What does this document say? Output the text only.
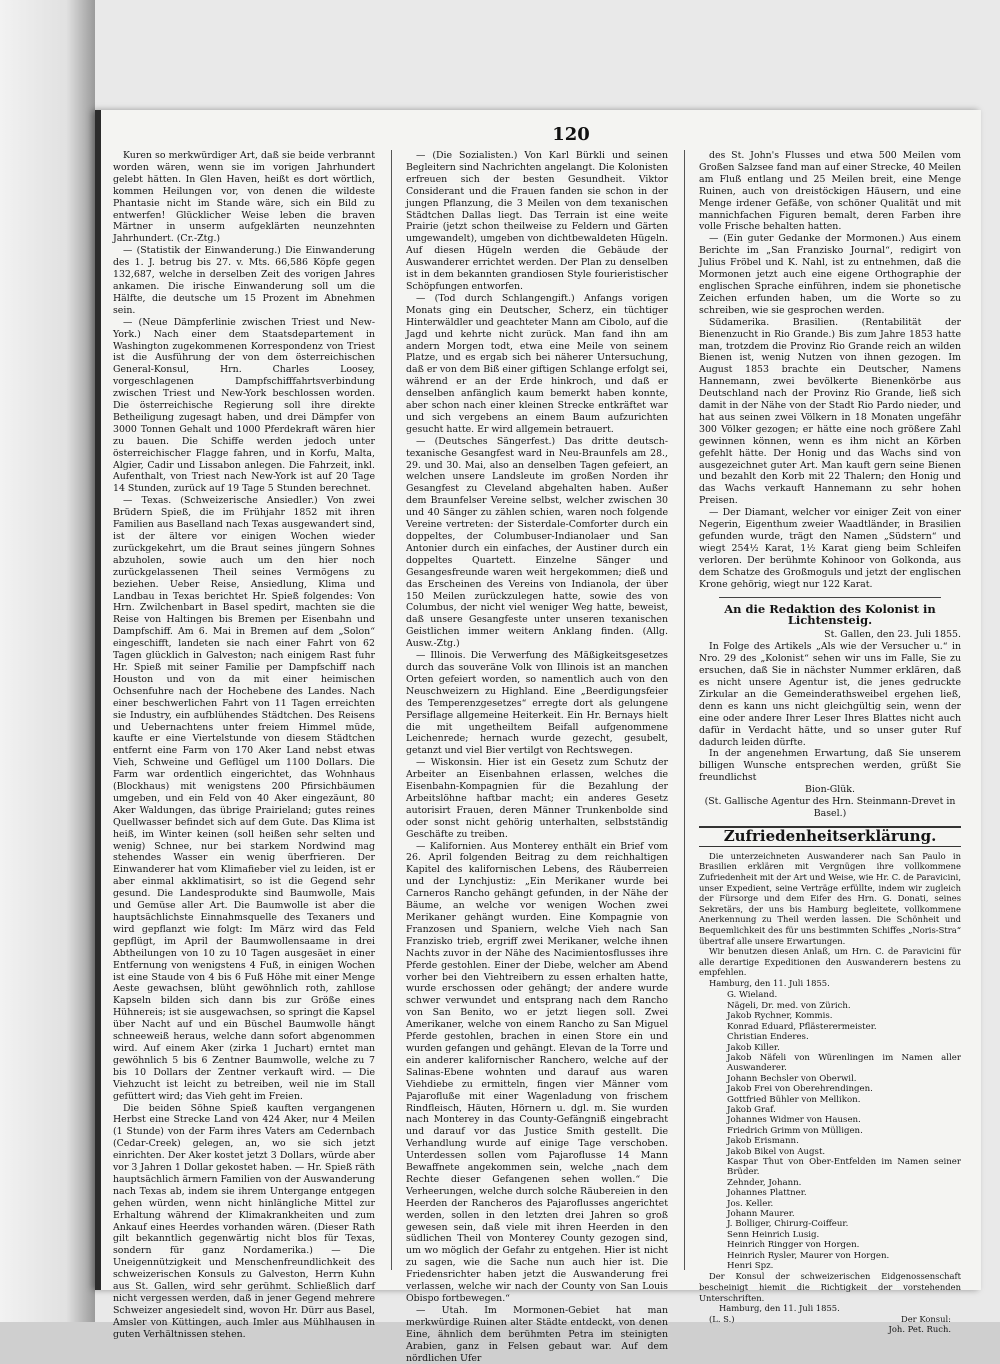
120

Kuren so merkwürdiger Art, daß sie beide verbrannt worden wären, wenn sie im vorigen Jahrhundert gelebt hätten. In Glen Haven, heißt es dort wörtlich, kommen Heilungen vor, von denen die wildeste Phantasie nicht im Stande wäre, sich ein Bild zu entwerfen! Glücklicher Weise leben die braven Märtner in unserm aufgeklärten neunzehnten Jahrhundert. (Cr.-Ztg.)

— (Statistik der Einwanderung.) Die Einwanderung des 1. J. betrug bis 27. v. Mts. 66,586 Köpfe gegen 132,687, welche in derselben Zeit des vorigen Jahres ankamen. Die irische Einwanderung soll um die Hälfte, die deutsche um 15 Prozent im Abnehmen sein.

— (Neue Dämpferlinie zwischen Triest und New-York.) Nach einer dem Staatsdepartement in Washington zugekommenen Korrespondenz von Triest ist die Ausführung der von dem österreichischen General-Konsul, Hrn. Charles Loosey, vorgeschlagenen Dampfschifffahrtsverbindung zwischen Triest und New-York beschlossen worden. Die österreichische Regierung soll ihre direkte Betheiligung zugesagt haben, und drei Dämpfer von 3000 Tonnen Gehalt und 1000 Pferdekraft wären hier zu bauen. Die Schiffe werden jedoch unter österreichischer Flagge fahren, und in Korfu, Malta, Algier, Cadir und Lissabon anlegen. Die Fahrzeit, inkl. Aufenthalt, von Triest nach New-York ist auf 20 Tage 14 Stunden, zurück auf 19 Tage 5 Stunden berechnet.

— Texas. (Schweizerische Ansiedler.) Von zwei Brüdern Spieß, die im Frühjahr 1852 mit ihren Familien aus Baselland nach Texas ausgewandert sind, ist der ältere vor einigen Wochen wieder zurückgekehrt, um die Braut seines jüngern Sohnes abzuholen, sowie auch um den hier noch zurückgelassenen Theil seines Vermögens zu beziehen. Ueber Reise, Ansiedlung, Klima und Landbau in Texas berichtet Hr. Spieß folgendes: Von Hrn. Zwilchenbart in Basel spedirt, machten sie die Reise von Haltingen bis Bremen per Eisenbahn und Dampfschiff. Am 6. Mai in Bremen auf dem „Solon“ eingeschifft, landeten sie nach einer Fahrt von 62 Tagen glücklich in Galveston; nach einigem Rast fuhr Hr. Spieß mit seiner Familie per Dampfschiff nach Houston und von da mit einer heimischen Ochsenfuhre nach der Hochebene des Landes. Nach einer beschwerlichen Fahrt von 11 Tagen erreichten sie Industry, ein aufblühendes Städtchen. Des Reisens und Uebernachtens unter freiem Himmel müde, kaufte er eine Viertelstunde von diesem Städtchen entfernt eine Farm von 170 Aker Land nebst etwas Vieh, Schweine und Geflügel um 1100 Dollars. Die Farm war ordentlich eingerichtet, das Wohnhaus (Blockhaus) mit wenigstens 200 Pfirsichbäumen umgeben, und ein Feld von 40 Aker eingezäunt, 80 Aker Waldungen, das übrige Prairieland; gutes reines Quellwasser befindet sich auf dem Gute. Das Klima ist heiß, im Winter keinen (soll heißen sehr selten und wenig) Schnee, nur bei starkem Nordwind mag stehendes Wasser ein wenig überfrieren. Der Einwanderer hat vom Klimafieber viel zu leiden, ist er aber einmal akklimatisirt, so ist die Gegend sehr gesund. Die Landesprodukte sind Baumwolle, Mais und Gemüse aller Art. Die Baumwolle ist aber die hauptsächlichste Einnahmsquelle des Texaners und wird gepflanzt wie folgt: Im März wird das Feld gepflügt, im April der Baumwollensaame in drei Abtheilungen von 10 zu 10 Tagen ausgesäet in einer Entfernung von wenigstens 4 Fuß, in einigen Wochen ist eine Staude von 4 bis 6 Fuß Höhe mit einer Menge Aeste gewachsen, blüht gewöhnlich roth, zahllose Kapseln bilden sich dann bis zur Größe eines Hühnereis; ist sie ausgewachsen, so springt die Kapsel über Nacht auf und ein Büschel Baumwolle hängt schneeweiß heraus, welche dann sofort abgenommen wird. Auf einem Aker (zirka 1 Juchart) erntet man gewöhnlich 5 bis 6 Zentner Baumwolle, welche zu 7 bis 10 Dollars der Zentner verkauft wird. — Die Viehzucht ist leicht zu betreiben, weil nie im Stall gefüttert wird; das Vieh geht im Freien.

Die beiden Söhne Spieß kauften vergangenen Herbst eine Strecke Land von 424 Aker, nur 4 Meilen (1 Stunde) von der Farm ihres Vaters am Cedernbach (Cedar-Creek) gelegen, an, wo sie sich jetzt einrichten. Der Aker kostet jetzt 3 Dollars, würde aber vor 3 Jahren 1 Dollar gekostet haben. — Hr. Spieß räth hauptsächlich ärmern Familien von der Auswanderung nach Texas ab, indem sie ihrem Untergange entgegen gehen würden, wenn nicht hinlängliche Mittel zur Erhaltung während der Klimakrankheiten und zum Ankauf eines Heerdes vorhanden wären. (Dieser Rath gilt bekanntlich gegenwärtig nicht blos für Texas, sondern für ganz Nordamerika.) — Die Uneigennützigkeit und Menschenfreundlichkeit des schweizerischen Konsuls zu Galveston, Herrn Kuhn aus St. Gallen, wird sehr gerühmt. Schließlich darf nicht vergessen werden, daß in jener Gegend mehrere Schweizer angesiedelt sind, wovon Hr. Dürr aus Basel, Amsler von Küttingen, auch Imler aus Mühlhausen in guten Verhältnissen stehen.

— (Die Sozialisten.) Von Karl Bürkli und seinen Begleitern sind Nachrichten angelangt. Die Kolonisten erfreuen sich der besten Gesundheit. Viktor Considerant und die Frauen fanden sie schon in der jungen Pflanzung, die 3 Meilen von dem texanischen Städtchen Dallas liegt. Das Terrain ist eine weite Prairie (jetzt schon theilweise zu Feldern und Gärten umgewandelt), umgeben von dichtbewaldeten Hügeln. Auf diesen Hügeln werden die Gebäude der Auswanderer errichtet werden. Der Plan zu denselben ist in dem bekannten grandiosen Style fourieristischer Schöpfungen entworfen.

— (Tod durch Schlangengift.) Anfangs vorigen Monats ging ein Deutscher, Scherz, ein tüchtiger Hinterwäldler und geachteter Mann am Cibolo, auf die Jagd und kehrte nicht zurück. Man fand ihn am andern Morgen todt, etwa eine Meile von seinem Platze, und es ergab sich bei näherer Untersuchung, daß er von dem Biß einer giftigen Schlange erfolgt sei, während er an der Erde hinkroch, und daß er denselben anfänglich kaum bemerkt haben konnte, aber schon nach einer kleinen Strecke entkräftet war und sich vergebens an einem Baum aufzurichten gesucht hatte. Er wird allgemein betrauert.

— (Deutsches Sängerfest.) Das dritte deutsch-texanische Gesangfest ward in Neu-Braunfels am 28., 29. und 30. Mai, also an denselben Tagen gefeiert, an welchen unsere Landsleute im großen Norden ihr Gesangfest zu Cleveland abgehalten haben. Außer dem Braunfelser Vereine selbst, welcher zwischen 30 und 40 Sänger zu zählen schien, waren noch folgende Vereine vertreten: der Sisterdale-Comforter durch ein doppeltes, der Columbuser-Indianolaer und San Antonier durch ein einfaches, der Austiner durch ein doppeltes Quartett. Einzelne Sänger und Gesangesfreunde waren weit hergekommen; dieß und das Erscheinen des Vereins von Indianola, der über 150 Meilen zurückzulegen hatte, sowie des von Columbus, der nicht viel weniger Weg hatte, beweist, daß unsere Gesangfeste unter unseren texanischen Geistlichen immer weitern Anklang finden. (Allg. Ausw.-Ztg.)

— Illinois. Die Verwerfung des Mäßigkeitsgesetzes durch das souveräne Volk von Illinois ist an manchen Orten gefeiert worden, so namentlich auch von den Neuschweizern zu Highland. Eine „Beerdigungsfeier des Temperenzgesetzes“ erregte dort als gelungene Persiflage allgemeine Heiterkeit. Ein Hr. Bernays hielt die mit ungetheiltem Beifall aufgenommene Leichenrede; hernach wurde gezecht, gesubelt, getanzt und viel Bier vertilgt von Rechtswegen.

— Wiskonsin. Hier ist ein Gesetz zum Schutz der Arbeiter an Eisenbahnen erlassen, welches die Eisenbahn-Kompagnien für die Bezahlung der Arbeitslöhne haftbar macht; ein anderes Gesetz autorisirt Frauen, deren Männer Trunkenbolde sind oder sonst nicht gehörig unterhalten, selbstständig Geschäfte zu treiben.

— Kalifornien. Aus Monterey enthält ein Brief vom 26. April folgenden Beitrag zu dem reichhaltigen Kapitel des kalifornischen Lebens, des Räuberreien und der Lynchjustiz: „Ein Merikaner wurde bei Carneros Rancho gehängt gefunden, in der Nähe der Bäume, an welche vor wenigen Wochen zwei Merikaner gehängt wurden. Eine Kompagnie von Franzosen und Spaniern, welche Vieh nach San Franzisko trieb, ergriff zwei Merikaner, welche ihnen Nachts zuvor in der Nähe des Nacimientosflusses ihre Pferde gestohlen. Einer der Diebe, welcher am Abend vorher bei den Viehtreibern zu essen erhalten hatte, wurde erschossen oder gehängt; der andere wurde schwer verwundet und entsprang nach dem Rancho von San Benito, wo er jetzt liegen soll. Zwei Amerikaner, welche von einem Rancho zu San Miguel Pferde gestohlen, brachen in einen Store ein und wurden gefangen und gehängt. Elevan de la Torre und ein anderer kalifornischer Ranchero, welche auf der Salinas-Ebene wohnten und darauf aus waren Viehdiebe zu ermitteln, fingen vier Männer vom Pajarofluße mit einer Wagenladung von frischem Rindfleisch, Häuten, Hörnern u. dgl. m. Sie wurden nach Monterey in das County-Gefängniß eingebracht und darauf vor das Justice Smith gestellt. Die Verhandlung wurde auf einige Tage verschoben. Unterdessen sollen vom Pajaroflusse 14 Mann Bewaffnete angekommen sein, welche „nach dem Rechte dieser Gefangenen sehen wollen.“ Die Verheerungen, welche durch solche Räubereien in den Heerden der Rancheros des Pajaroflusses angerichtet werden, sollen in den letzten drei Jahren so groß gewesen sein, daß viele mit ihren Heerden in den südlichen Theil von Monterey County gezogen sind, um wo möglich der Gefahr zu entgehen. Hier ist nicht zu sagen, wie die Sache nun auch hier ist. Die Friedensrichter haben jetzt die Auswanderung frei verlassen, welche wir nach der County von San Louis Obispo fortbewegen.“

— Utah. Im Mormonen-Gebiet hat man merkwürdige Ruinen alter Städte entdeckt, von denen Eine, ähnlich dem berühmten Petra im steinigten Arabien, ganz in Felsen gebaut war. Auf dem nördlichen Ufer

des St. John's Flusses und etwa 500 Meilen vom Großen Salzsee fand man auf einer Strecke, 40 Meilen am Fluß entlang und 25 Meilen breit, eine Menge Ruinen, auch von dreistöckigen Häusern, und eine Menge irdener Gefäße, von schöner Qualität und mit mannichfachen Figuren bemalt, deren Farben ihre volle Frische behalten hatten.

— (Ein guter Gedanke der Mormonen.) Aus einem Berichte im „San Franzisko Journal“, redigirt von Julius Fröbel und K. Nahl, ist zu entnehmen, daß die Mormonen jetzt auch eine eigene Orthographie der englischen Sprache einführen, indem sie phonetische Zeichen erfunden haben, um die Worte so zu schreiben, wie sie gesprochen werden.

Südamerika. Brasilien. (Rentabilität der Bienenzucht in Rio Grande.) Bis zum Jahre 1853 hatte man, trotzdem die Provinz Rio Grande reich an wilden Bienen ist, wenig Nutzen von ihnen gezogen. Im August 1853 brachte ein Deutscher, Namens Hannemann, zwei bevölkerte Bienenkörbe aus Deutschland nach der Provinz Rio Grande, ließ sich damit in der Nähe von der Stadt Rio Pardo nieder, und hat aus seinen zwei Völkern in 18 Monaten ungefähr 300 Völker gezogen; er hätte eine noch größere Zahl gewinnen können, wenn es ihm nicht an Körben gefehlt hätte. Der Honig und das Wachs sind von ausgezeichnet guter Art. Man kauft gern seine Bienen und bezahlt den Korb mit 22 Thalern; den Honig und das Wachs verkauft Hannemann zu sehr hohen Preisen.

— Der Diamant, welcher vor einiger Zeit von einer Negerin, Eigenthum zweier Waadtländer, in Brasilien gefunden wurde, trägt den Namen „Südstern“ und wiegt 254½ Karat, 1½ Karat gieng beim Schleifen verloren. Der berühmte Kohinoor von Golkonda, aus dem Schatze des Großmoguls und jetzt der englischen Krone gehörig, wiegt nur 122 Karat.

An die Redaktion des Kolonist in Lichtensteig.
St. Gallen, den 23. Juli 1855.

In Folge des Artikels „Als wie der Versucher u.“ in Nro. 29 des „Kolonist“ sehen wir uns im Falle, Sie zu ersuchen, daß Sie in nächster Nummer erklären, daß es nicht unsere Agentur ist, die jenes gedruckte Zirkular an die Gemeinderathsweibel ergehen ließ, denn es kann uns nicht gleichgültig sein, wenn der eine oder andere Ihrer Leser Ihres Blattes nicht auch dafür in Verdacht hätte, und so unser guter Ruf dadurch leiden dürfte.

In der angenehmen Erwartung, daß Sie unserem billigen Wunsche entsprechen werden, grüßt Sie freundlichst

Bion-Glük.
(St. Gallische Agentur des Hrn. Steinmann-Drevet in Basel.)
Zufriedenheitserklärung.

Die unterzeichneten Auswanderer nach San Paulo in Brasilien erklären mit Vergnügen ihre vollkommene Zufriedenheit mit der Art und Weise, wie Hr. C. de Paravicini, unser Expedient, seine Verträge erfüllte, indem wir zugleich der Fürsorge und dem Eifer des Hrn. G. Donati, seines Sekretärs, der uns bis Hamburg begleitete, vollkommene Anerkennung zu Theil werden lassen. Die Schönheit und Bequemlichkeit des für uns bestimmten Schiffes „Noris-Stra“ übertraf alle unsere Erwartungen.

Wir benutzen diesen Anlaß, um Hrn. C. de Paravicini für alle derartige Expeditionen den Auswanderern bestens zu empfehlen.

Hamburg, den 11. Juli 1855.
G. Wieland.
Nägeli, Dr. med. von Zürich.
Jakob Rychner, Kommis.
Konrad Eduard, Pflästerermeister.
Christian Enderes.
Jakob Killer.
Jakob Näfeli von Würenlingen im Namen aller Auswanderer.
Johann Bechsler von Oberwil.
Jakob Frei von Oberehrendingen.
Gottfried Bühler von Mellikon.
Jakob Graf.
Johannes Widmer von Hausen.
Friedrich Grimm von Mülligen.
Jakob Erismann.
Jakob Bikel von Augst.
Kaspar Thut von Ober-Entfelden im Namen seiner Brüder.
Zehnder, Johann.
Johannes Plattner.
Jos. Keller.
Johann Maurer.
J. Bolliger, Chirurg-Coiffeur.
Senn Heinrich Lusig.
Heinrich Ringger von Horgen.
Heinrich Rysler, Maurer von Horgen.
Henri Spz.

Der Konsul der schweizerischen Eidgenossenschaft bescheinigt hiemit die Richtigkeit der vorstehenden Unterschriften.

Hamburg, den 11. Juli 1855.
(L. S.)	Der Konsul:
Joh. Pet. Ruch.
